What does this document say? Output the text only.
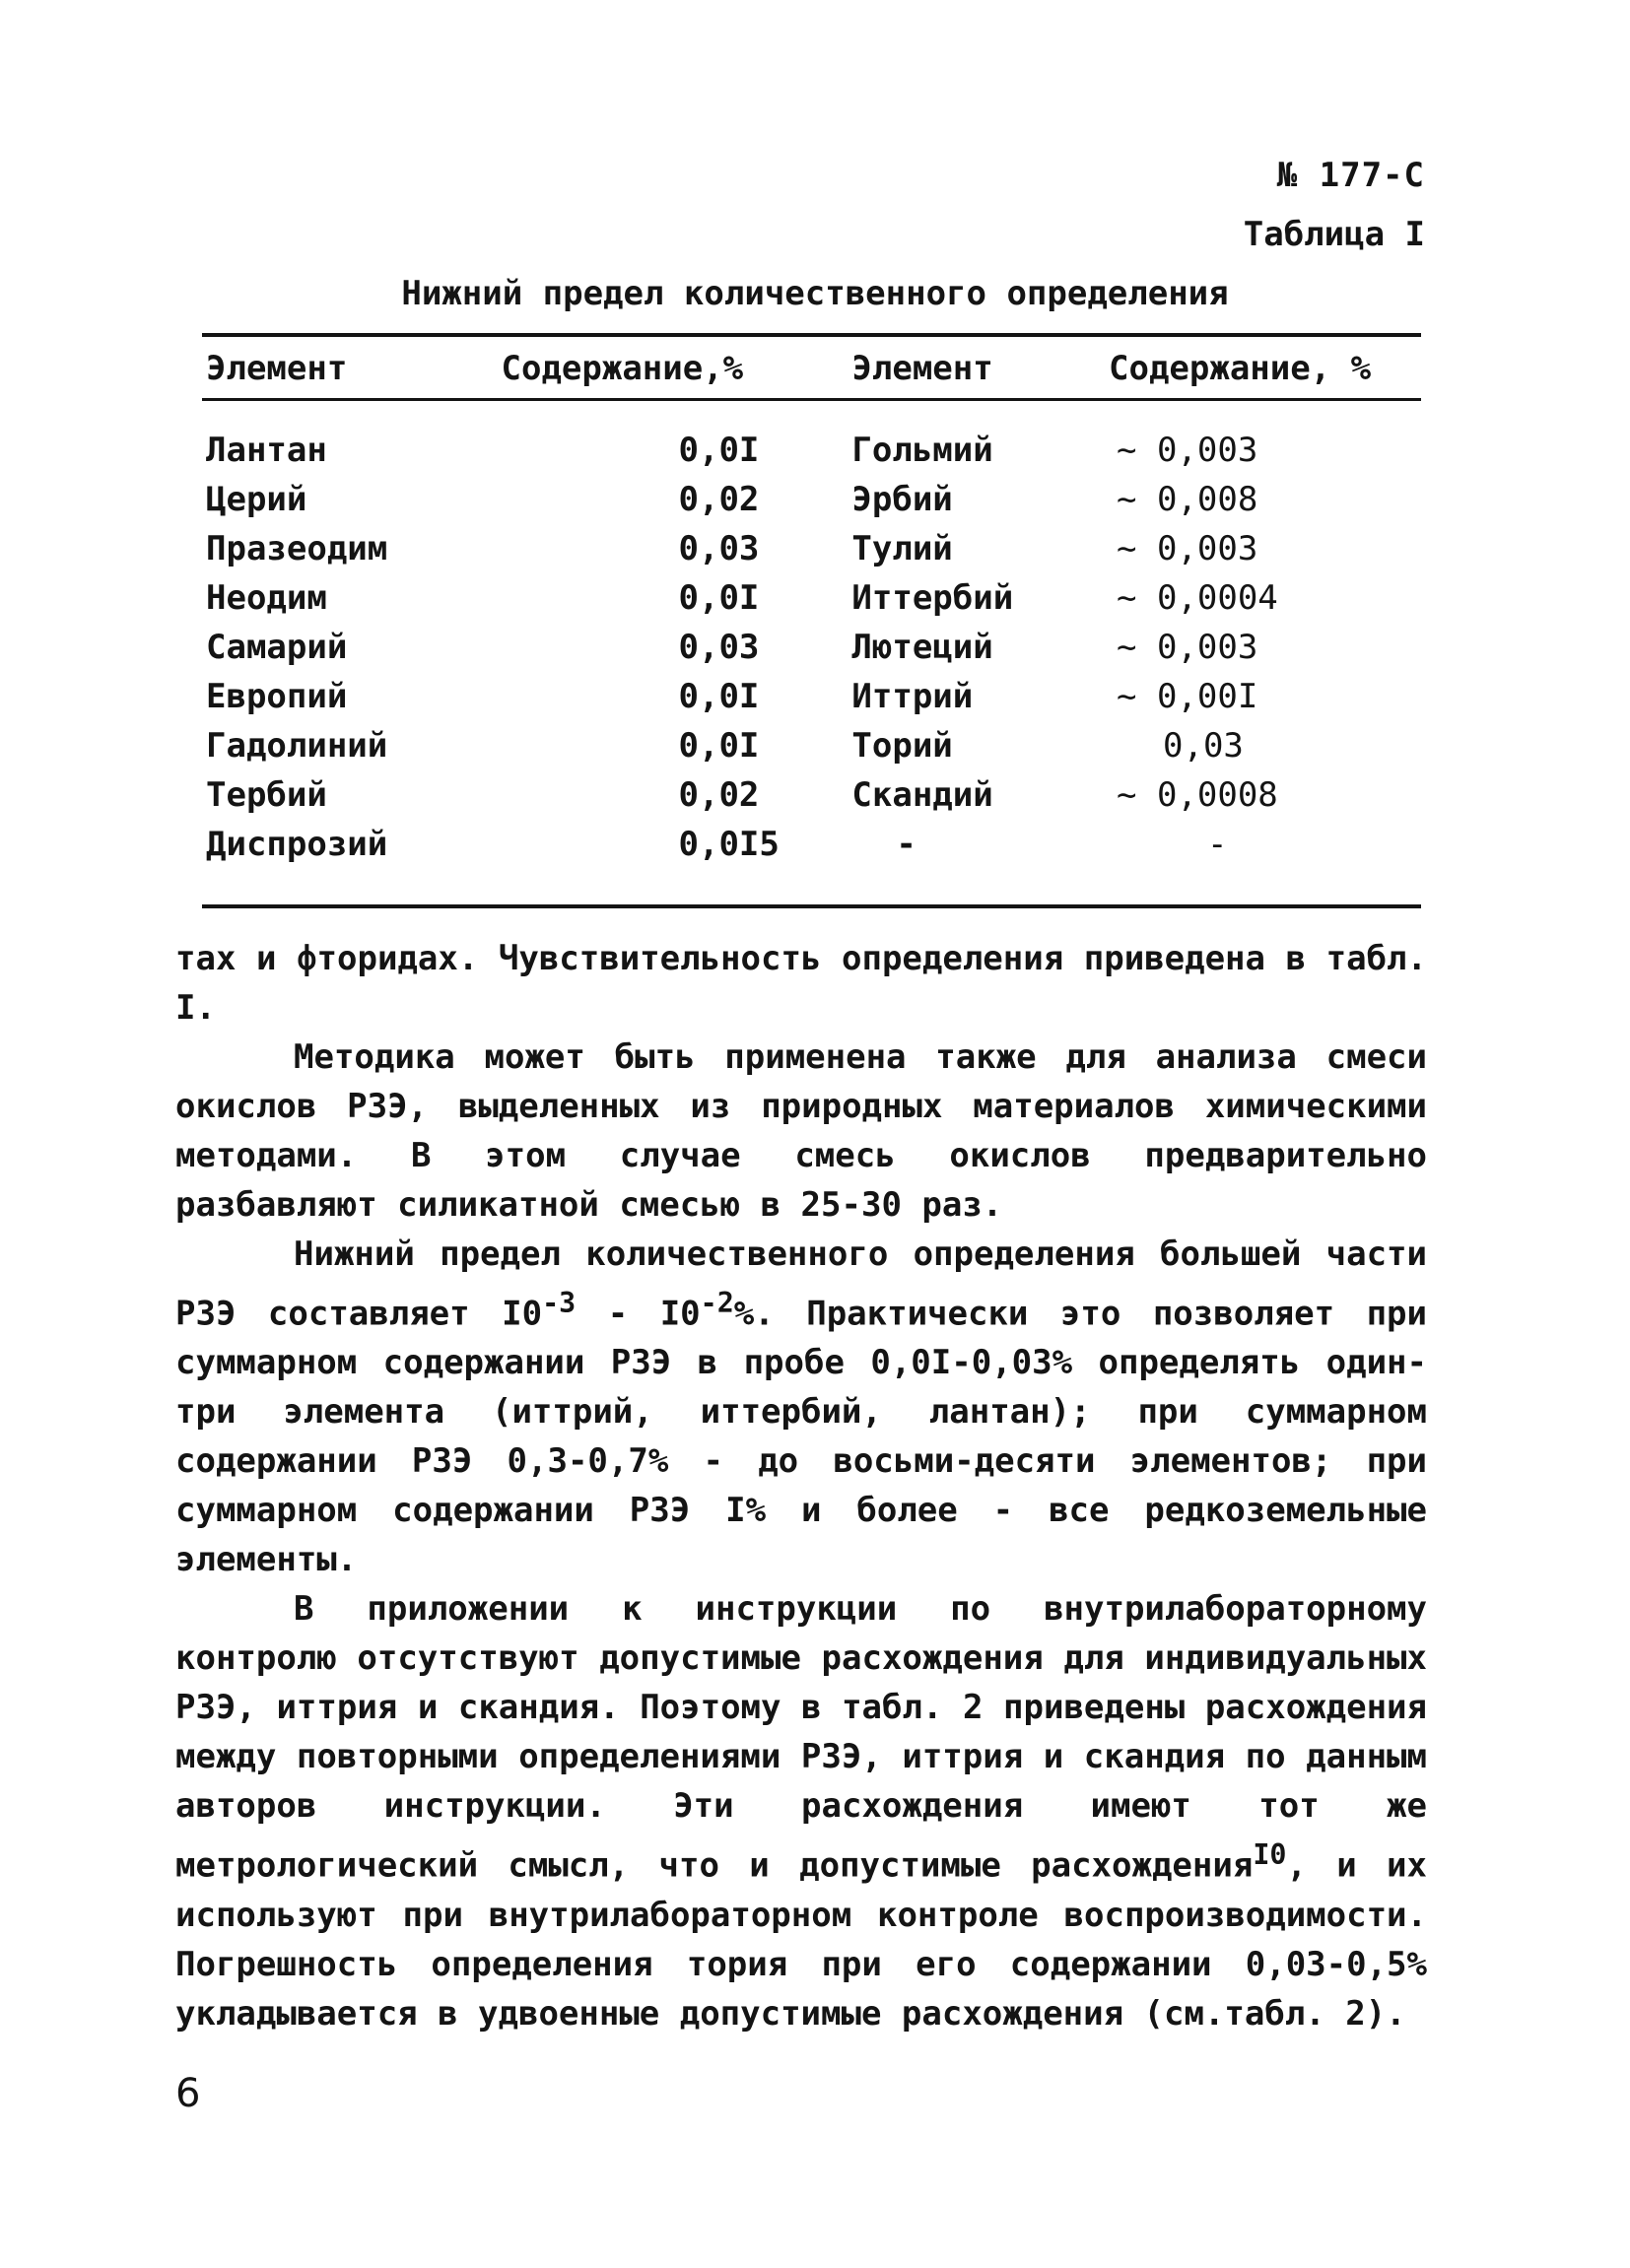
№ 177-С
Таблица I
Нижний предел количественного определения
Элемент	Содержание,%	Элемент	Содержание, %

Лантан	0,0I	Гольмий	~ 0,003
Церий	0,02	Эрбий	~ 0,008
Празеодим	0,03	Тулий	~ 0,003
Неодим	0,0I	Иттербий	~ 0,0004
Самарий	0,03	Лютеций	~ 0,003
Европий	0,0I	Иттрий	~ 0,00I
Гадолиний	0,0I	Торий	0,03
Тербий	0,02	Скандий	~ 0,0008
Диспрозий	0,0I5	-	-

тах и фторидах. Чувствительность определения приведена в табл. I.

Методика может быть применена также для анализа смеси окислов РЗЭ, выделенных из природных материалов химическими методами. В этом случае смесь окислов предварительно разбавляют силикатной смесью в 25-30 раз.

Нижний предел количественного определения большей части РЗЭ составляет $I0^{-3} - I0^{-2}\%$. Практически это позволяет при суммарном содержании РЗЭ в пробе 0,0I-0,03% определять один-три элемента (иттрий, иттербий, лантан); при суммарном содержании РЗЭ 0,3-0,7% - до восьми-десяти элементов; при суммарном содержании РЗЭ I% и более - все редкоземельные элементы.

В приложении к инструкции по внутрилабораторному контролю отсутствуют допустимые расхождения для индивидуальных РЗЭ, иттрия и скандия. Поэтому в табл. 2 приведены расхождения между повторными определениями РЗЭ, иттрия и скандия по данным авторов инструкции. Эти расхождения имеют тот же метрологический смысл, что и допустимые расхождения$^{I0}$, и их используют при внутрилабораторном контроле воспроизводимости. Погрешность определения тория при его содержании 0,03-0,5% укладывается в удвоенные допустимые расхождения (см.табл. 2).

6
